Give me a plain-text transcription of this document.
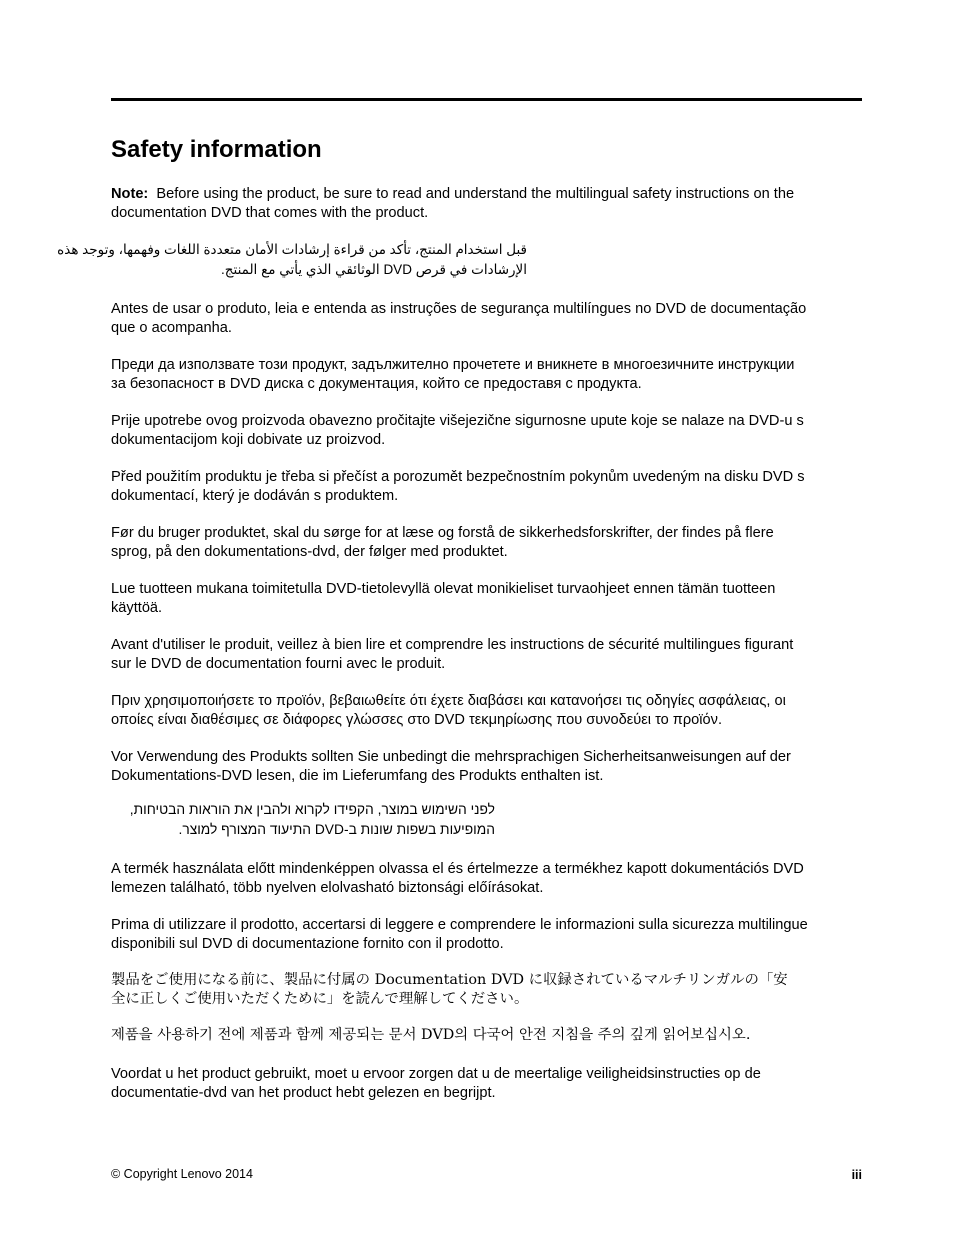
Safety information

Note: Before using the product, be sure to read and understand the multilingual safety instructions on the
documentation DVD that comes with the product.

قبل استخدام المنتج، تأكد من قراءة إرشادات الأمان متعددة اللغات وفهمها، وتوجد هذه
الإرشادات في قرص DVD الوثائقي الذي يأتي مع المنتج.

Antes de usar o produto, leia e entenda as instruções de segurança multilíngues no DVD de documentação
que o acompanha.

Преди да използвате този продукт, задължително прочетете и вникнете в многоезичните инструкции
за безопасност в DVD диска с документация, който се предоставя с продукта.

Prije upotrebe ovog proizvoda obavezno pročitajte višejezične sigurnosne upute koje se nalaze na DVD-u s
dokumentacijom koji dobivate uz proizvod.

Před použitím produktu je třeba si přečíst a porozumět bezpečnostním pokynům uvedeným na disku DVD s
dokumentací, který je dodáván s produktem.

Før du bruger produktet, skal du sørge for at læse og forstå de sikkerhedsforskrifter, der findes på flere
sprog, på den dokumentations-dvd, der følger med produktet.

Lue tuotteen mukana toimitetulla DVD-tietolevyllä olevat monikieliset turvaohjeet ennen tämän tuotteen
käyttöä.

Avant d'utiliser le produit, veillez à bien lire et comprendre les instructions de sécurité multilingues figurant
sur le DVD de documentation fourni avec le produit.

Πριν χρησιμοποιήσετε το προϊόν, βεβαιωθείτε ότι έχετε διαβάσει και κατανοήσει τις οδηγίες ασφάλειας, οι
οποίες είναι διαθέσιμες σε διάφορες γλώσσες στο DVD τεκμηρίωσης που συνοδεύει το προϊόν.

Vor Verwendung des Produkts sollten Sie unbedingt die mehrsprachigen Sicherheitsanweisungen auf der
Dokumentations-DVD lesen, die im Lieferumfang des Produkts enthalten ist.

לפני השימוש במוצר, הקפידו לקרוא ולהבין את הוראות הבטיחות,
המופיעות בשפות שונות ב-DVD התיעוד המצורף למוצר.

A termék használata előtt mindenképpen olvassa el és értelmezze a termékhez kapott dokumentációs DVD
lemezen található, több nyelven elolvasható biztonsági előírásokat.

Prima di utilizzare il prodotto, accertarsi di leggere e comprendere le informazioni sulla sicurezza multilingue
disponibili sul DVD di documentazione fornito con il prodotto.

製品をご使用になる前に、製品に付属の Documentation DVD に収録されているマルチリンガルの「安
全に正しくご使用いただくために」を読んで理解してください。

제품을 사용하기 전에 제품과 함께 제공되는 문서 DVD의 다국어 안전 지침을 주의 깊게 읽어보십시오.

Voordat u het product gebruikt, moet u ervoor zorgen dat u de meertalige veiligheidsinstructies op de
documentatie-dvd van het product hebt gelezen en begrijpt.

© Copyright Lenovo 2014	iii
